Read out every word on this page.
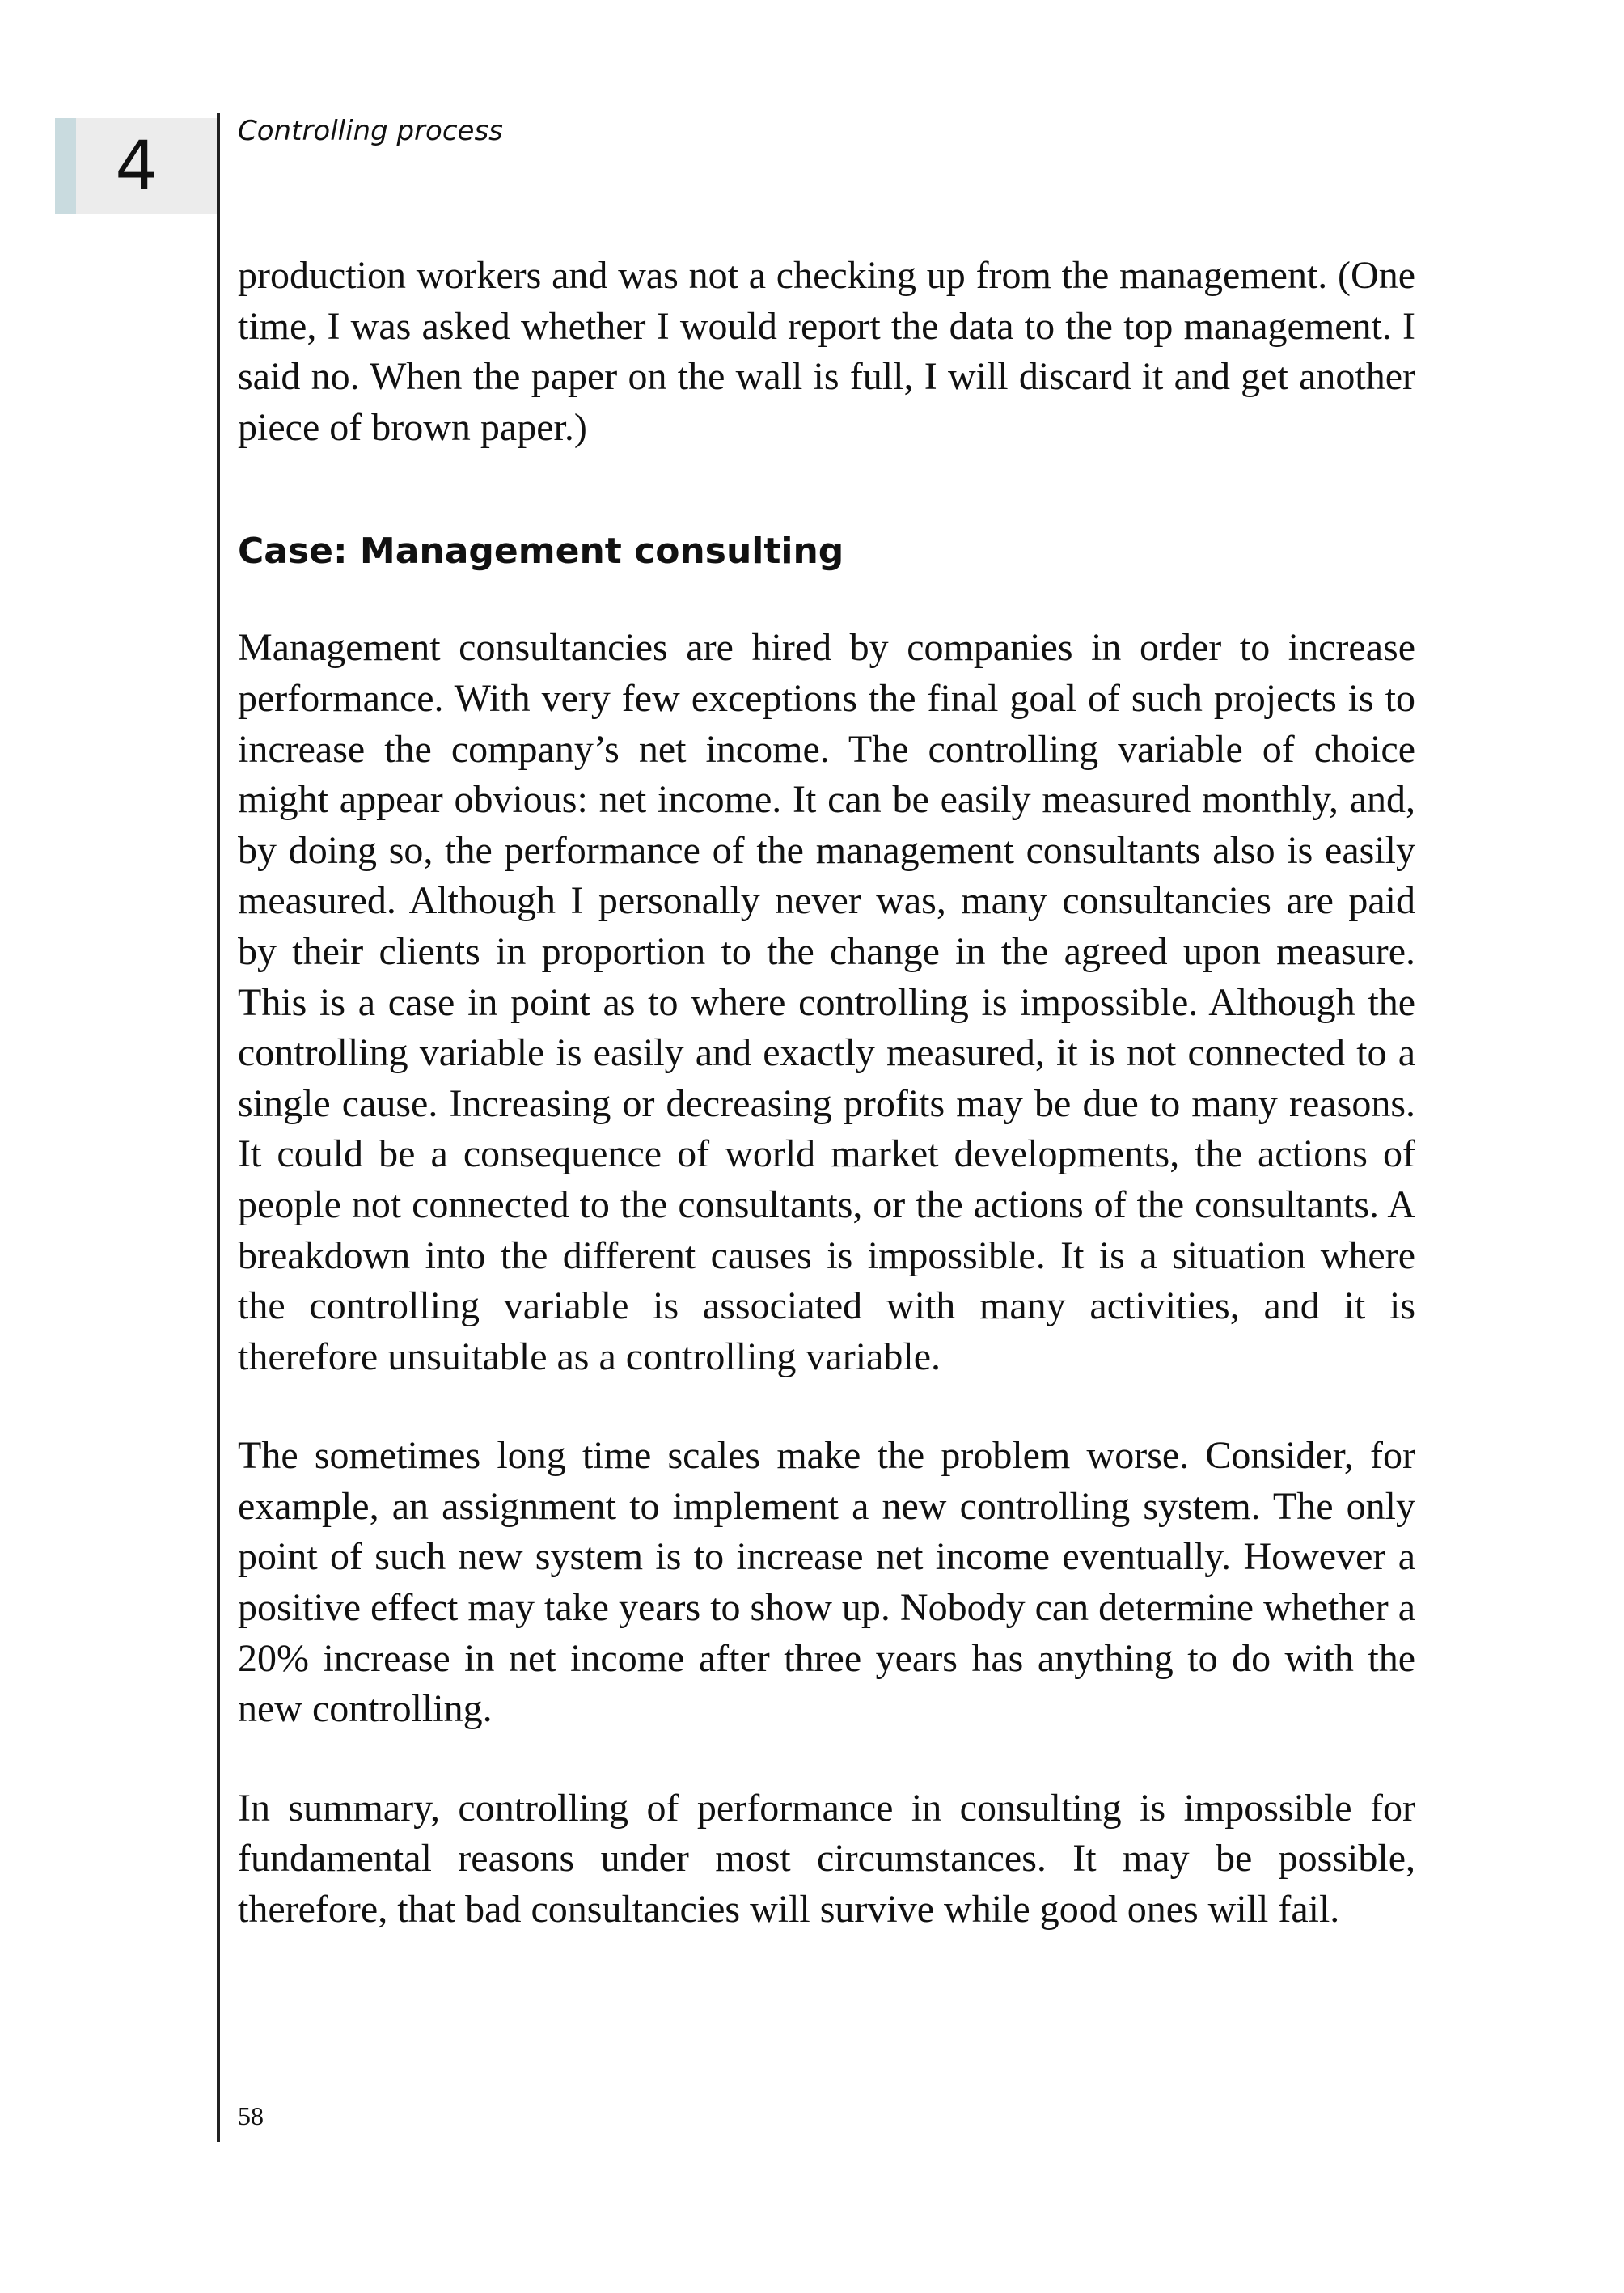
4	Controlling process

production workers and was not a checking up from the management. (One time, I was asked whether I would report the data to the top management. I said no. When the paper on the wall is full, I will discard it and get another piece of brown paper.)

Case: Management consulting

Management consultancies are hired by companies in order to increase performance. With very few exceptions the final goal of such projects is to increase the company’s net income. The controlling variable of choice might appear obvious: net income. It can be easily measured monthly, and, by doing so, the performance of the management consultants also is easily measured. Although I personally never was, many consultancies are paid by their clients in proportion to the change in the agreed upon measure. This is a case in point as to where controlling is impossible. Although the controlling variable is easily and exactly measured, it is not connected to a single cause. Increasing or decreasing profits may be due to many reasons. It could be a consequence of world market developments, the actions of people not connected to the consultants, or the actions of the consultants. A breakdown into the different causes is impossible. It is a situation where the controlling variable is associated with many activities, and it is therefore unsuitable as a controlling variable.

The sometimes long time scales make the problem worse. Consider, for example, an assignment to implement a new controlling system. The only point of such new system is to increase net income eventually. However a positive effect may take years to show up. Nobody can determine whether a 20% increase in net income after three years has anything to do with the new controlling.

In summary, controlling of performance in consulting is impossible for fundamental reasons under most circumstances. It may be possible, therefore, that bad consultancies will survive while good ones will fail.

58
